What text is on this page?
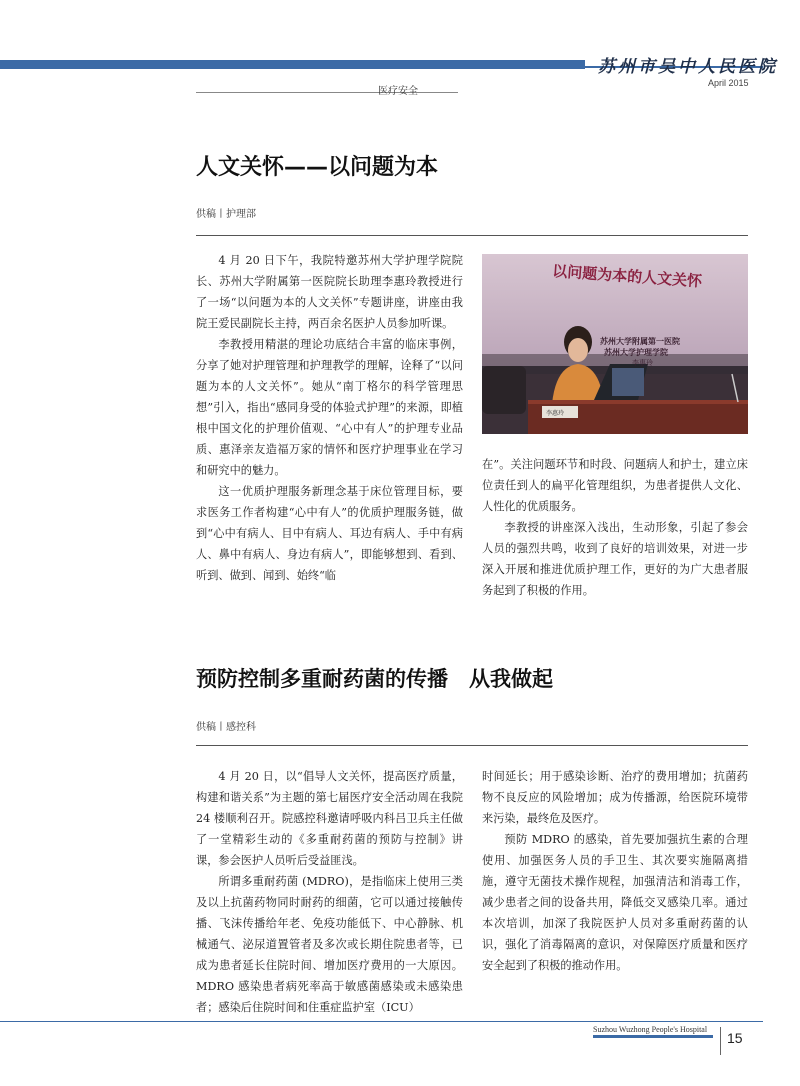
苏州市吴中人民医院
April 2015
医疗安全
人文关怀——以问题为本
供稿丨护理部

4 月 20 日下午，我院特邀苏州大学护理学院院长、苏州大学附属第一医院院长助理李惠玲教授进行了一场“以问题为本的人文关怀”专题讲座，讲座由我院王爱民副院长主持，两百余名医护人员参加听课。

李教授用精湛的理论功底结合丰富的临床事例，分享了她对护理管理和护理教学的理解，诠释了“以问题为本的人文关怀”。她从“南丁格尔的科学管理思想”引入，指出“感同身受的体验式护理”的来源，即植根中国文化的护理价值观、“心中有人”的护理专业品质、惠泽亲友造福万家的情怀和医疗护理事业在学习和研究中的魅力。

这一优质护理服务新理念基于床位管理目标，要求医务工作者构建“心中有人”的优质护理服务链，做到“心中有病人、目中有病人、耳边有病人、手中有病人、鼻中有病人、身边有病人”，即能够想到、看到、听到、做到、闻到、始终“临

以问题为本的人文关怀
苏州大学附属第一医院
苏州大学护理学院
李惠玲
李惠玲

在”。关注问题环节和时段、问题病人和护士，建立床位责任到人的扁平化管理组织，为患者提供人文化、人性化的优质服务。

李教授的讲座深入浅出，生动形象，引起了参会人员的强烈共鸣，收到了良好的培训效果，对进一步深入开展和推进优质护理工作，更好的为广大患者服务起到了积极的作用。

预防控制多重耐药菌的传播　从我做起
供稿丨感控科

4 月 20 日，以“倡导人文关怀，提高医疗质量，构建和谐关系”为主题的第七届医疗安全活动周在我院 24 楼顺利召开。院感控科邀请呼吸内科吕卫兵主任做了一堂精彩生动的《多重耐药菌的预防与控制》讲课，参会医护人员听后受益匪浅。

所谓多重耐药菌 (MDRO)，是指临床上使用三类及以上抗菌药物同时耐药的细菌，它可以通过接触传播、飞沫传播给年老、免疫功能低下、中心静脉、机械通气、泌尿道置管者及多次或长期住院患者等，已成为患者延长住院时间、增加医疗费用的一大原因。MDRO 感染患者病死率高于敏感菌感染或未感染患者；感染后住院时间和住重症监护室（ICU）

时间延长；用于感染诊断、治疗的费用增加；抗菌药物不良反应的风险增加；成为传播源，给医院环境带来污染，最终危及医疗。

预防 MDRO 的感染，首先要加强抗生素的合理使用、加强医务人员的手卫生、其次要实施隔离措施，遵守无菌技术操作规程，加强清洁和消毒工作，减少患者之间的设备共用，降低交叉感染几率。通过本次培训，加深了我院医护人员对多重耐药菌的认识，强化了消毒隔离的意识，对保障医疗质量和医疗安全起到了积极的推动作用。

Suzhou Wuzhong People's Hospital
15
